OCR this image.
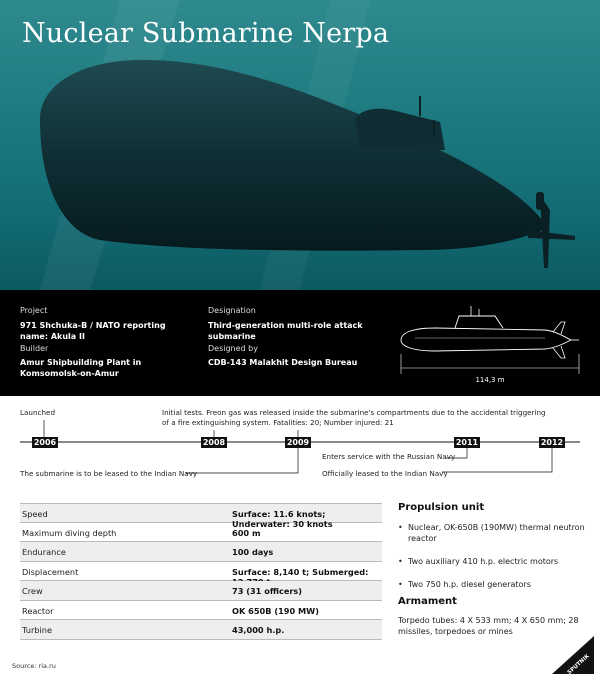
Nuclear Submarine Nerpa
Project
971 Shchuka-B / NATO reporting name: Akula II
Builder
Amur Shipbuilding Plant in Komsomolsk-on-Amur
Designation
Third-generation multi-role attack submarine
Designed by
CDB-143 Malakhit Design Bureau
114,3 m
Launched	Initial tests. Freon gas was released inside the submarine's compartments due to the accidental triggering
of a fire extinguishing system. Fatalities: 20; Number injured: 21
Enters service with the Russian Navy
The submarine is to be leased to the Indian Navy	Officially leased to the Indian Navy
2006	2008	2009	2011	2012
Speed	Surface: 11.6 knots; Underwater: 30 knots
Maximum diving depth	600 m
Endurance	100 days
Displacement	Surface: 8,140 t; Submerged:
Crew	73 (31 officers)
Reactor	OK 650B (190 MW)
Turbine	43,000 h.p.
Propulsion unit
• Nuclear, OK-650B (190MW) thermal neutron reactor
• Two auxiliary 410 h.p. electric motors
• Two 750 h.p. diesel generators
Armament
Torpedo tubes: 4 X 533 mm; 4 X 650 mm; 28 missiles, torpedoes or mines
Source: ria.ru	SPUTNIK
